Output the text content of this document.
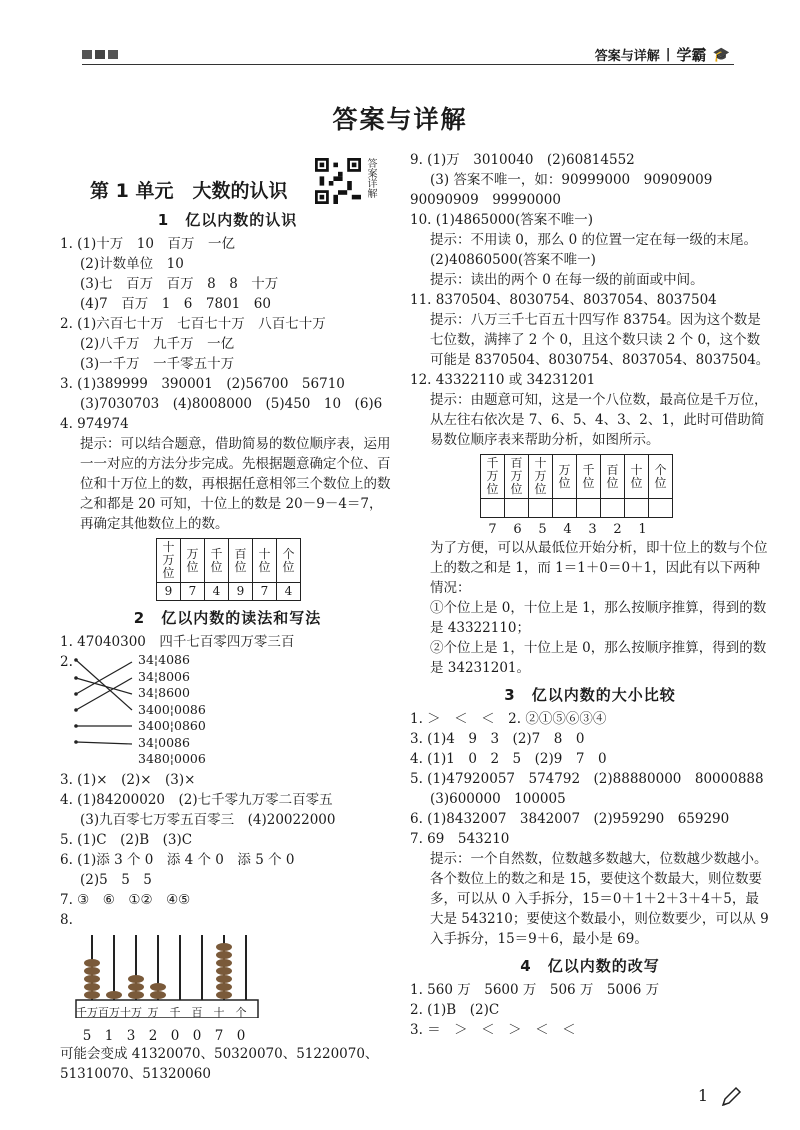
答案与详解 | 学霸 🎓
答案与详解
第 1 单元　大数的认识	答案详解
1　亿以内数的认识
1. (1)十万　10　百万　一亿
(2)计数单位　10
(3)七　百万　百万　8　8　十万
(4)7　百万　1　6　7801　60
2. (1)六百七十万　七百七十万　八百七十万
(2)八千万　九千万　一亿
(3)一千万　一千零五十万
3. (1)389999　390001　(2)56700　56710
(3)7030703　(4)8008000　(5)450　10　(6)6
4. 974974
提示：可以结合题意，借助简易的数位顺序表，运用一一对应的方法分步完成。先根据题意确定个位、百位和十万位上的数，再根据任意相邻三个数位上的数之和都是 20 可知，十位上的数是 20－9－4＝7，再确定其他数位上的数。
十万位	万位	千位	百位	十位	个位
9	7	4	9	7	4
2　亿以内数的读法和写法
1. 47040300　四千七百零四万零三百
2.	34¦4086
34¦8006
34¦8600
3400¦0086
3400¦0860
34¦0086
3480¦0006
3. (1)×　(2)×　(3)×
4. (1)84200020　(2)七千零九万零二百零五
(3)九百零七万零五百零三　(4)20022000
5. (1)C　(2)B　(3)C
6. (1)添 3 个 0　添 4 个 0　添 5 个 0
(2)5　5　5
7. ③　⑥　①②　④⑤
8.
千万 百万 十万 万	千	百	十	个
5 1 3 2 0 0 7 0
可能会变成 41320070、50320070、51220070、51310070、51320060
9. (1)万　3010040　(2)60814552
(3) 答案不唯一，如：90999000　90909009
90090909　99990000
10. (1)4865000(答案不唯一)
提示：不用读 0，那么 0 的位置一定在每一级的末尾。
(2)40860500(答案不唯一)
提示：读出的两个 0 在每一级的前面或中间。
11. 8370504、8030754、8037054、8037504
提示：八万三千七百五十四写作 83754。因为这个数是七位数，满摔了 2 个 0，且这个数只读 2 个 0，这个数可能是 8370504、8030754、8037054、8037504。
12. 43322110 或 34231201
提示：由题意可知，这是一个八位数，最高位是千万位，从左往右依次是 7、6、5、4、3、2、1，此时可借助简易数位顺序表来帮助分析，如图所示。
千万位	百万位	十万位	万位	千位	百位	十位	个位

7	6	5	4	3	2	1
为了方便，可以从最低位开始分析，即十位上的数与个位上的数之和是 1，而 1＝1＋0＝0＋1，因此有以下两种情况：
①个位上是 0，十位上是 1，那么按顺序推算，得到的数是 43322110；
②个位上是 1，十位上是 0，那么按顺序推算，得到的数是 34231201。
3　亿以内数的大小比较
1. ＞　＜　＜　2. ②①⑤⑥③④
3. (1)4　9　3　(2)7　8　0
4. (1)1　0　2　5　(2)9　7　0
5. (1)47920057　574792　(2)88880000　80000888
(3)600000　100005
6. (1)8432007　3842007　(2)959290　659290
7. 69　543210
提示：一个自然数，位数越多数越大，位数越少数越小。各个数位上的数之和是 15，要使这个数最大，则位数要多，可以从 0 入手拆分，15＝0＋1＋2＋3＋4＋5，最大是 543210；要使这个数最小，则位数要少，可以从 9 入手拆分，15＝9＋6，最小是 69。
4　亿以内数的改写
1. 560 万　5600 万　506 万　5006 万
2. (1)B　(2)C
3. ＝　＞　＜　＞　＜　＜
1
